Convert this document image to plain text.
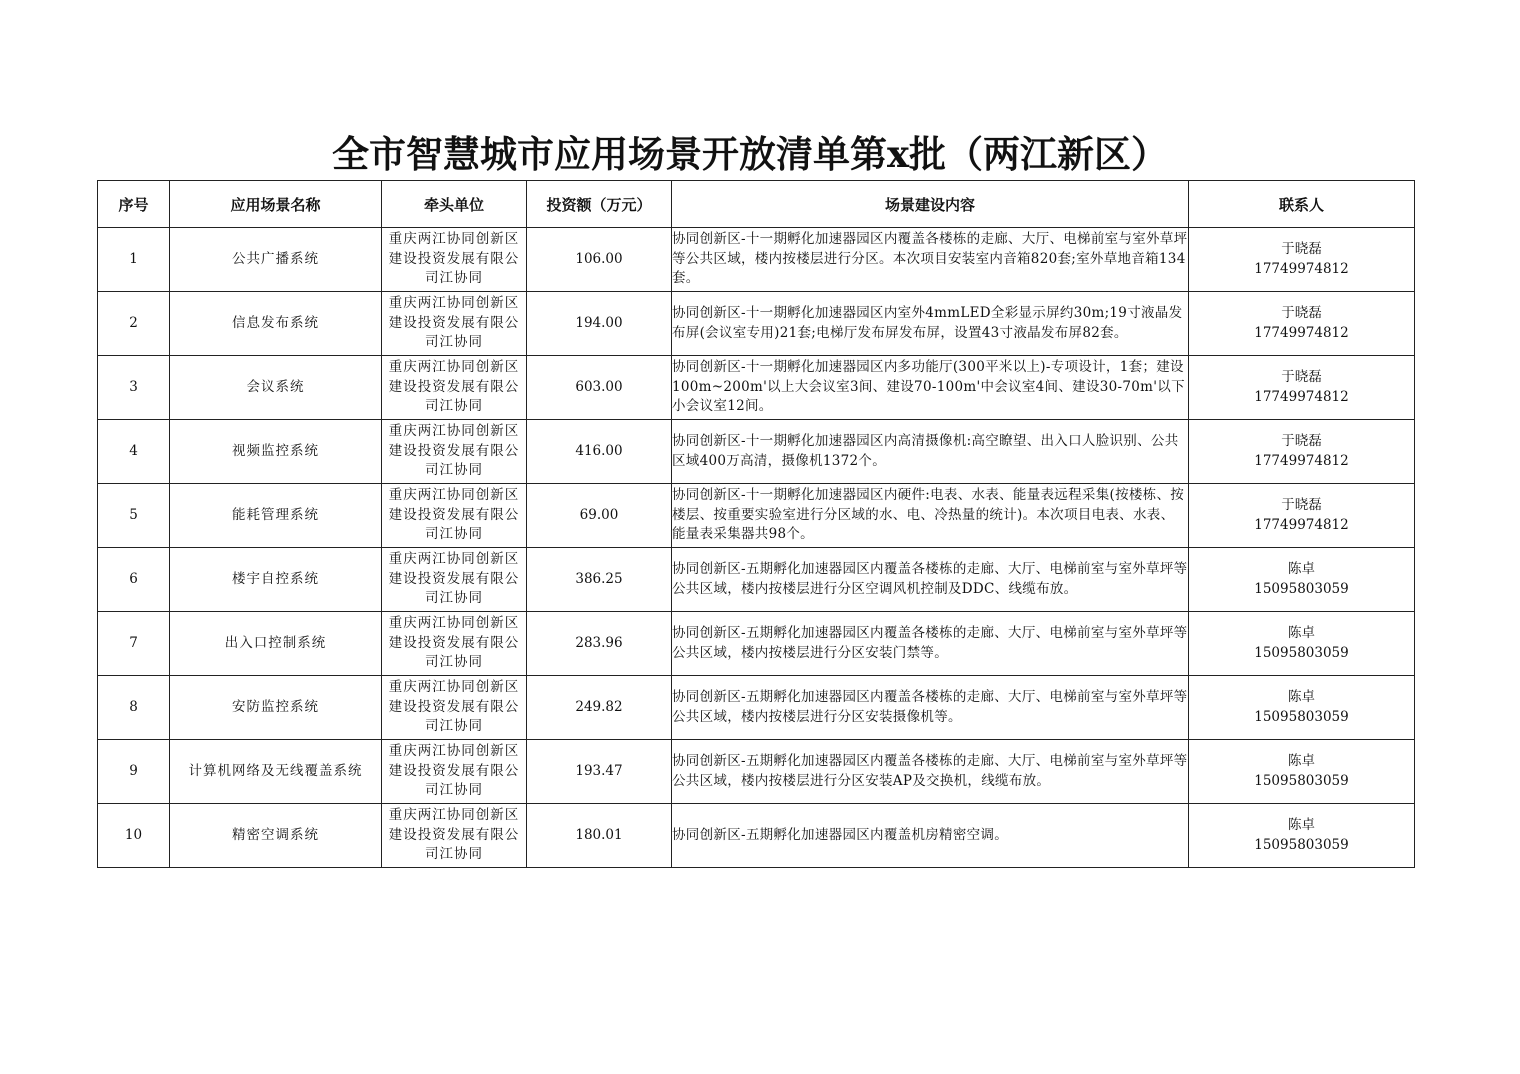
全市智慧城市应用场景开放清单第x批（两江新区）
序号	应用场景名称	牵头单位	投资额（万元）	场景建设内容	联系人
1	公共广播系统	重庆两江协同创新区建设投资发展有限公司江协同	106.00	协同创新区-十一期孵化加速器园区内覆盖各楼栋的走廊、大厅、电梯前室与室外草坪等公共区域，楼内按楼层进行分区。本次项目安装室内音箱820套;室外草地音箱134套。	于晓磊
17749974812

2	信息发布系统	重庆两江协同创新区建设投资发展有限公司江协同	194.00	协同创新区-十一期孵化加速器园区内室外4mmLED全彩显示屏约30m;19寸液晶发布屏(会议室专用)21套;电梯厅发布屏发布屏，设置43寸液晶发布屏82套。	于晓磊
17749974812

3	会议系统	重庆两江协同创新区建设投资发展有限公司江协同	603.00	协同创新区-十一期孵化加速器园区内多功能厅(300平米以上)-专项设计，1套；建设100m~200m'以上大会议室3间、建设70-100m'中会议室4间、建设30-70m'以下小会议室12间。	于晓磊
17749974812

4	视频监控系统	重庆两江协同创新区建设投资发展有限公司江协同	416.00	协同创新区-十一期孵化加速器园区内高清摄像机:高空瞭望、出入口人脸识别、公共区域400万高清，摄像机1372个。	于晓磊
17749974812

5	能耗管理系统	重庆两江协同创新区建设投资发展有限公司江协同	69.00	协同创新区-十一期孵化加速器园区内硬件:电表、水表、能量表远程采集(按楼栋、按楼层、按重要实验室进行分区域的水、电、冷热量的统计)。本次项目电表、水表、能量表采集器共98个。	于晓磊
17749974812

6	楼宇自控系统	重庆两江协同创新区建设投资发展有限公司江协同	386.25	协同创新区-五期孵化加速器园区内覆盖各楼栋的走廊、大厅、电梯前室与室外草坪等公共区域，楼内按楼层进行分区空调风机控制及DDC、线缆布放。	陈卓
15095803059

7	出入口控制系统	重庆两江协同创新区建设投资发展有限公司江协同	283.96	协同创新区-五期孵化加速器园区内覆盖各楼栋的走廊、大厅、电梯前室与室外草坪等公共区域，楼内按楼层进行分区安装门禁等。	陈卓
15095803059

8	安防监控系统	重庆两江协同创新区建设投资发展有限公司江协同	249.82	协同创新区-五期孵化加速器园区内覆盖各楼栋的走廊、大厅、电梯前室与室外草坪等公共区域，楼内按楼层进行分区安装摄像机等。	陈卓
15095803059

9	计算机网络及无线覆盖系统	重庆两江协同创新区建设投资发展有限公司江协同	193.47	协同创新区-五期孵化加速器园区内覆盖各楼栋的走廊、大厅、电梯前室与室外草坪等公共区域，楼内按楼层进行分区安装AP及交换机，线缆布放。	陈卓
15095803059

10	精密空调系统	重庆两江协同创新区建设投资发展有限公司江协同	180.01	协同创新区-五期孵化加速器园区内覆盖机房精密空调。	陈卓
15095803059
